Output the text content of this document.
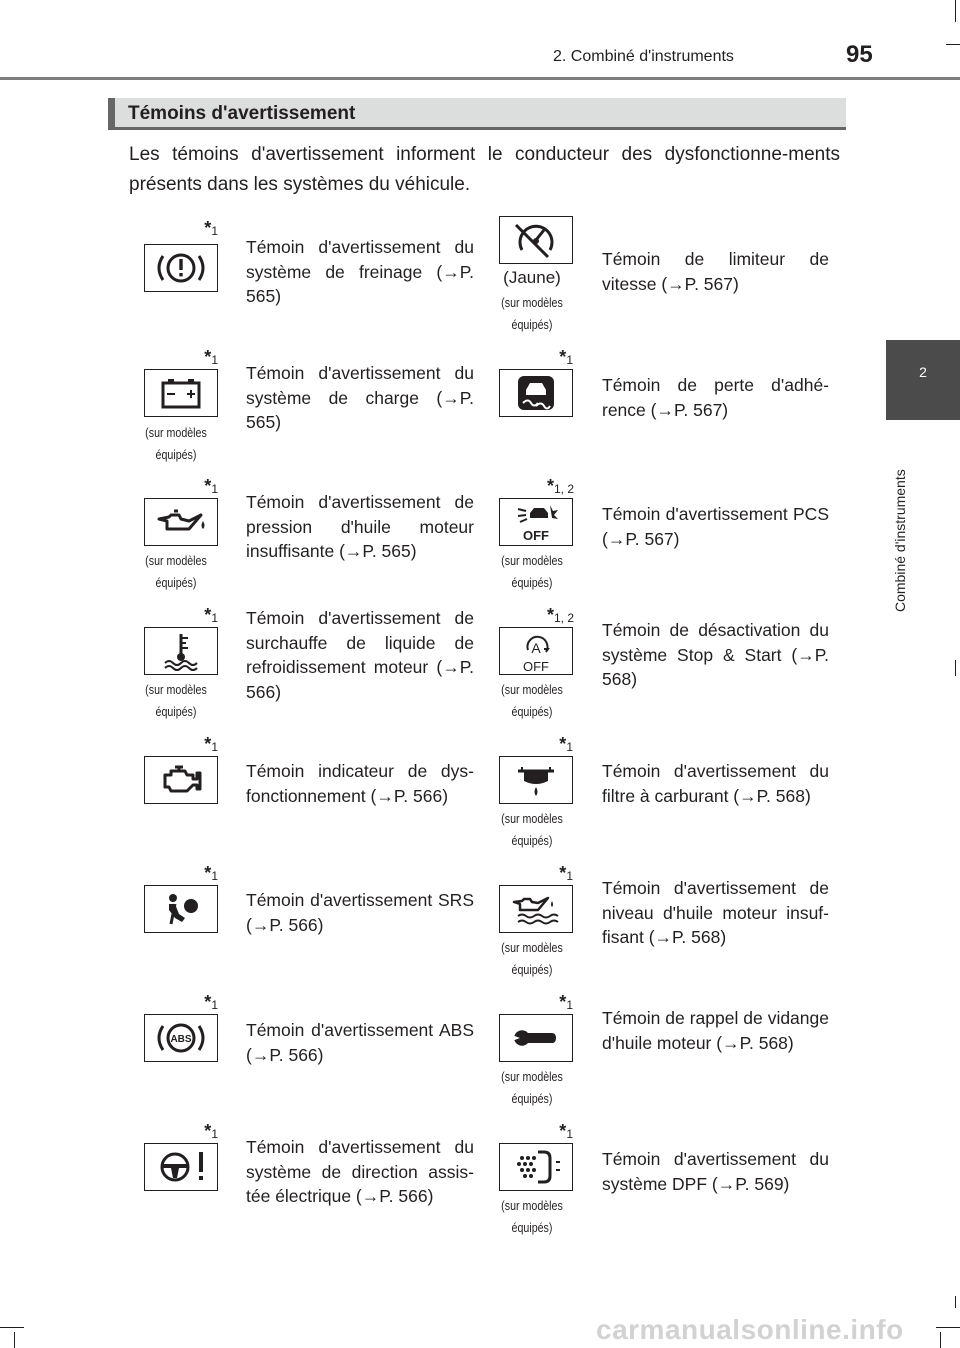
2. Combiné d'instruments	95
2
Combiné d'instruments
Témoins d'avertissement
Les témoins d'avertissement informent le conducteur des dysfonctionne-ments présents dans les systèmes du véhicule.
$*_1$
Témoin d'avertissement du système de freinage (→P. 565)
(Jaune)
(sur modèles
équipés)
Témoin de limiteur de vitesse (→P. 567)
$*_1$
(sur modèles
équipés)
Témoin d'avertissement du système de charge (→P. 565)
$*_1$
Témoin de perte d'adhé-rence (→P. 567)
$*_1$
(sur modèles
équipés)
Témoin d'avertissement de pression d'huile moteur insuffisante (→P. 565)
$*_{1, 2}$
OFF
(sur modèles
équipés)
Témoin d'avertissement PCS (→P. 567)
$*_1$
(sur modèles
équipés)
Témoin d'avertissement de surchauffe de liquide de refroidissement moteur (→P. 566)
$*_{1, 2}$
A
OFF
(sur modèles
équipés)
Témoin de désactivation du système Stop & Start (→P. 568)
$*_1$
Témoin indicateur de dys-fonctionnement (→P. 566)
$*_1$
(sur modèles
équipés)
Témoin d'avertissement du filtre à carburant (→P. 568)
$*_1$
Témoin d'avertissement SRS (→P. 566)
$*_1$
(sur modèles
équipés)
Témoin d'avertissement de niveau d'huile moteur insuf-fisant (→P. 568)
$*_1$
ABS	Témoin d'avertissement ABS (→P. 566)
$*_1$
(sur modèles
équipés)
Témoin de rappel de vidange d'huile moteur (→P. 568)
$*_1$
Témoin d'avertissement du système de direction assis-tée électrique (→P. 566)
$*_1$
(sur modèles
équipés)
Témoin d'avertissement du système DPF (→P. 569)
carmanualsonline.info
